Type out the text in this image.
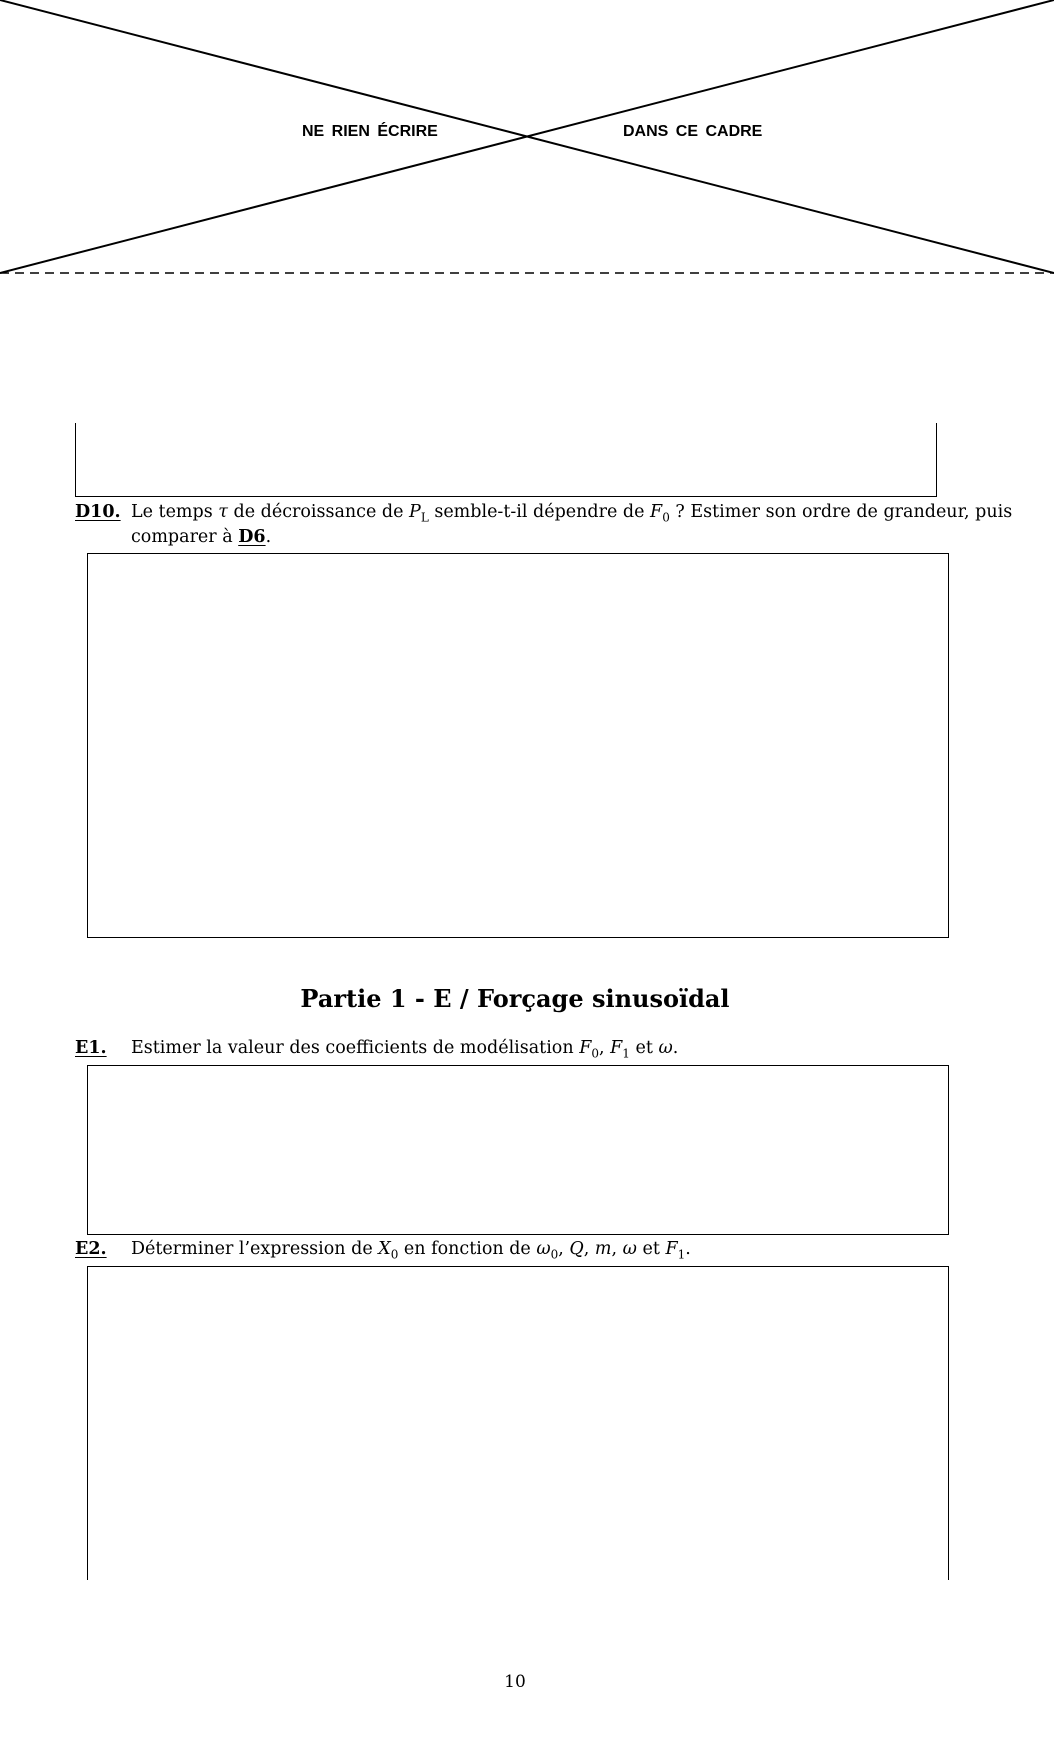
NE RIEN ÉCRIRE	DANS CE CADRE
D10. Le temps τ de décroissance de $P_L$ semble-t-il dépendre de $F_0$ ? Estimer son ordre de grandeur, puis comparer à D6.
Partie 1 - E / Forçage sinusoïdal
E1. Estimer la valeur des coefficients de modélisation $F_0$, $F_1$ et ω.
E2. Déterminer l’expression de $X_0$ en fonction de $\omega_0$, Q, m, ω et $F_1$.
10
